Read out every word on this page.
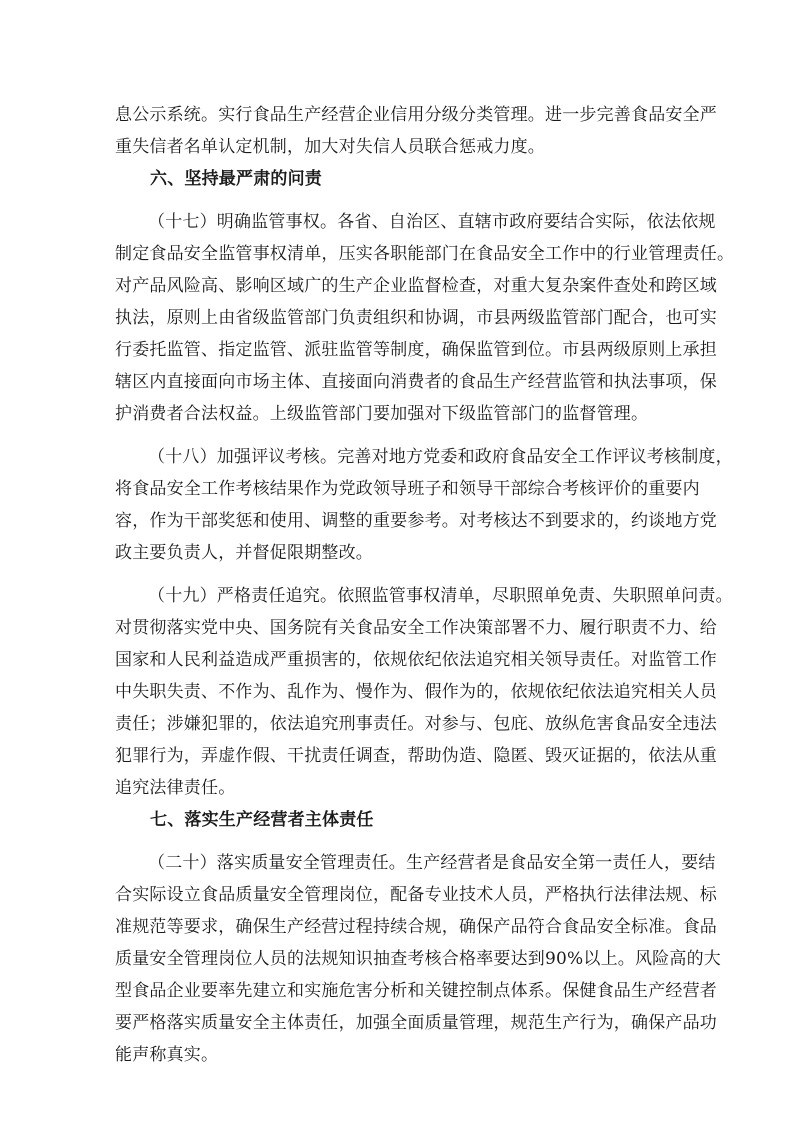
息公示系统。实行食品生产经营企业信用分级分类管理。进一步完善食品安全严
重失信者名单认定机制，加大对失信人员联合惩戒力度。
六、坚持最严肃的问责
（十七）明确监管事权。各省、自治区、直辖市政府要结合实际，依法依规
制定食品安全监管事权清单，压实各职能部门在食品安全工作中的行业管理责任。
对产品风险高、影响区域广的生产企业监督检查，对重大复杂案件查处和跨区域
执法，原则上由省级监管部门负责组织和协调，市县两级监管部门配合，也可实
行委托监管、指定监管、派驻监管等制度，确保监管到位。市县两级原则上承担
辖区内直接面向市场主体、直接面向消费者的食品生产经营监管和执法事项，保
护消费者合法权益。上级监管部门要加强对下级监管部门的监督管理。
（十八）加强评议考核。完善对地方党委和政府食品安全工作评议考核制度，
将食品安全工作考核结果作为党政领导班子和领导干部综合考核评价的重要内
容，作为干部奖惩和使用、调整的重要参考。对考核达不到要求的，约谈地方党
政主要负责人，并督促限期整改。
（十九）严格责任追究。依照监管事权清单，尽职照单免责、失职照单问责。
对贯彻落实党中央、国务院有关食品安全工作决策部署不力、履行职责不力、给
国家和人民利益造成严重损害的，依规依纪依法追究相关领导责任。对监管工作
中失职失责、不作为、乱作为、慢作为、假作为的，依规依纪依法追究相关人员
责任；涉嫌犯罪的，依法追究刑事责任。对参与、包庇、放纵危害食品安全违法
犯罪行为，弄虚作假、干扰责任调查，帮助伪造、隐匿、毁灭证据的，依法从重
追究法律责任。
七、落实生产经营者主体责任
（二十）落实质量安全管理责任。生产经营者是食品安全第一责任人，要结
合实际设立食品质量安全管理岗位，配备专业技术人员，严格执行法律法规、标
准规范等要求，确保生产经营过程持续合规，确保产品符合食品安全标准。食品
质量安全管理岗位人员的法规知识抽查考核合格率要达到90%以上。风险高的大
型食品企业要率先建立和实施危害分析和关键控制点体系。保健食品生产经营者
要严格落实质量安全主体责任，加强全面质量管理，规范生产行为，确保产品功
能声称真实。
